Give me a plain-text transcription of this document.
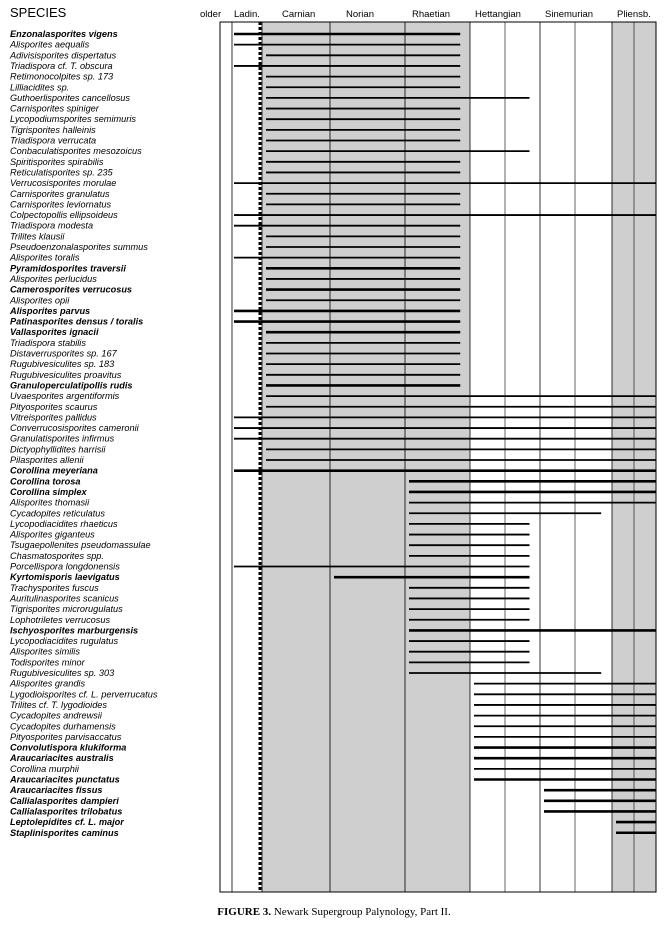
SPECIES	older Ladin. Carnian	Norian	Rhaetian	Hettangian	Sinemurian	Pliensb.
Enzonalasporites vigens
Alisporites aequalis
Adivisisporites dispertatus
Triadispora cf. T. obscura
Retimonocolpites sp. 173
Lilliacidites sp.
Guthoerlisporites cancellosus
Carnisporites spiniger
Lycopodiumsporites semimuris
Tigrisporites halleinis
Triadispora verrucata
Conbaculatisporites mesozoicus
Spiritisporites spirabilis
Reticulatisporites sp. 235
Verrucosisporites morulae
Carnisporites granulatus
Carnisporites leviornatus
Colpectopollis ellipsoideus
Triadispora modesta
Trilites klausii
Pseudoenzonalasporites summus
Alisporites toralis
Pyramidosporites traversii
Alisporites perlucidus
Camerosporites verrucosus
Alisporites opii
Alisporites parvus
Patinasporites densus / toralis
Vallasporites ignacii
Triadispora stabilis
Distaverrusporites sp. 167
Rugubivesiculites sp. 183
Rugubivesiculites proavitus
Granuloperculatipollis rudis
Uvaesporites argentiformis
Pityosporites scaurus
Vitreisporites pallidus
Converrucosisporites cameronii
Granulatisporites infirmus
Dictyophyllidites harrisii
Pilasporites allenii
Corollina meyeriana
Corollina torosa
Corollina simplex
Alisporites thomasii
Cycadopites reticulatus
Lycopodiacidites rhaeticus
Alisporites giganteus
Tsugaepollenites pseudomassulae
Chasmatosporites spp.
Porcellispora longdonensis
Kyrtomisporis laevigatus
Trachysporites fuscus
Auritulinasporites scanicus
Tigrisporites microrugulatus
Lophotriletes verrucosus
Ischyosporites marburgensis
Lycopodiacidites rugulatus
Alisporites similis
Todisporites minor
Rugubivesiculites sp. 303
Alisporites grandis
Lygodioisporites cf. L. perverrucatus
Trilites cf. T. lygodioides
Cycadopites andrewsii
Cycadopites durhamensis
Pityosporites parvisaccatus
Convolutispora klukiforma
Araucariacites australis
Corollina murphii
Araucariacites punctatus
Araucariacites fissus
Callialasporites dampieri
Callialasporites trilobatus
Leptolepidites cf. L. major
Staplinisporites caminus
FIGURE 3. Newark Supergroup Palynology, Part II.
